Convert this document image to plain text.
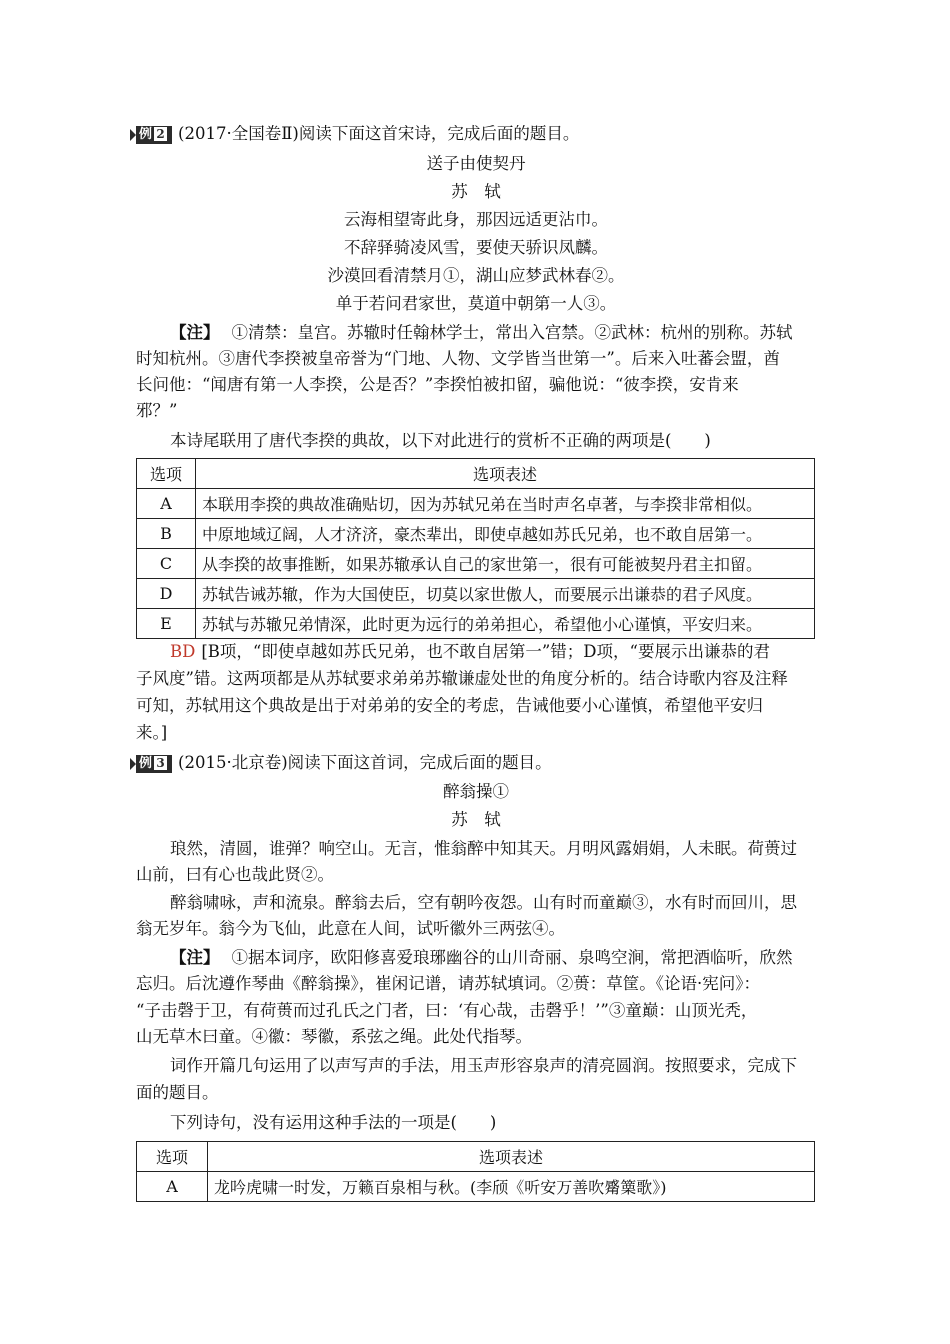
例 2 (2017·全国卷Ⅱ)阅读下面这首宋诗，完成后面的题目。
送子由使契丹
苏　轼
云海相望寄此身，那因远适更沾巾。
不辞驿骑凌风雪，要使天骄识凤麟。
沙漠回看清禁月①，湖山应梦武林春②。
单于若问君家世，莫道中朝第一人③。
【注】 ①清禁：皇宫。苏辙时任翰林学士，常出入宫禁。②武林：杭州的别称。苏轼
时知杭州。③唐代李揆被皇帝誉为“门地、人物、文学皆当世第一”。后来入吐蕃会盟，酋
长问他：“闻唐有第一人李揆，公是否？”李揆怕被扣留，骗他说：“彼李揆，安肯来
邪？”
本诗尾联用了唐代李揆的典故，以下对此进行的赏析不正确的两项是(　　)
选项	选项表述
A	本联用李揆的典故准确贴切，因为苏轼兄弟在当时声名卓著，与李揆非常相似。
B	中原地域辽阔，人才济济，豪杰辈出，即使卓越如苏氏兄弟，也不敢自居第一。
C	从李揆的故事推断，如果苏辙承认自己的家世第一，很有可能被契丹君主扣留。
D	苏轼告诫苏辙，作为大国使臣，切莫以家世傲人，而要展示出谦恭的君子风度。
E	苏轼与苏辙兄弟情深，此时更为远行的弟弟担心，希望他小心谨慎，平安归来。
BD [B项，“即使卓越如苏氏兄弟，也不敢自居第一”错；D项，“要展示出谦恭的君
子风度”错。这两项都是从苏轼要求弟弟苏辙谦虚处世的角度分析的。结合诗歌内容及注释
可知，苏轼用这个典故是出于对弟弟的安全的考虑，告诫他要小心谨慎，希望他平安归
来。]
例 3 (2015·北京卷)阅读下面这首词，完成后面的题目。
醉翁操①
苏　轼
琅然，清圆，谁弹？响空山。无言，惟翁醉中知其天。月明风露娟娟，人未眠。荷蒉过
山前，曰有心也哉此贤②。
醉翁啸咏，声和流泉。醉翁去后，空有朝吟夜怨。山有时而童巅③，水有时而回川，思
翁无岁年。翁今为飞仙，此意在人间，试听徽外三两弦④。
【注】 ①据本词序，欧阳修喜爱琅琊幽谷的山川奇丽、泉鸣空涧，常把酒临听，欣然
忘归。后沈遵作琴曲《醉翁操》，崔闲记谱，请苏轼填词。②蒉：草筐。《论语·宪问》：
“子击磬于卫，有荷蒉而过孔氏之门者，曰：‘有心哉，击磬乎！’”③童巅：山顶光秃，
山无草木曰童。④徽：琴徽，系弦之绳。此处代指琴。
词作开篇几句运用了以声写声的手法，用玉声形容泉声的清亮圆润。按照要求，完成下
面的题目。
下列诗句，没有运用这种手法的一项是(　　)
选项	选项表述
A	龙吟虎啸一时发，万籁百泉相与秋。(李颀《听安万善吹觱篥歌》)
